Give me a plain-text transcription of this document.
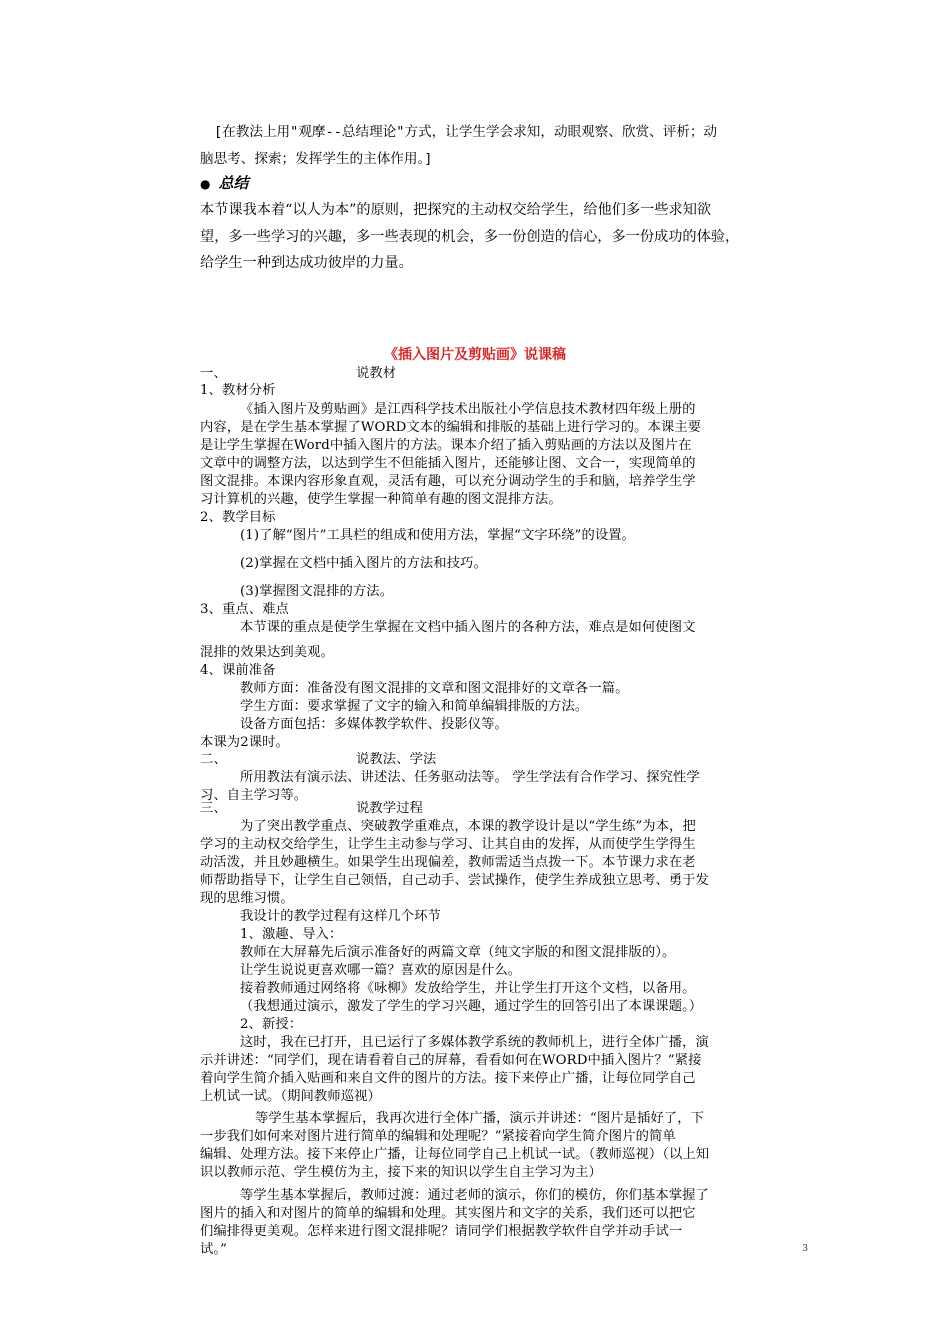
[在教法上用"观摩--总结理论"方式，让学生学会求知，动眼观察、欣赏、评析；动
脑思考、探索；发挥学生的主体作用。]
● 总结
本节课我本着“以人为本”的原则，把探究的主动权交给学生，给他们多一些求知欲
望，多一些学习的兴趣，多一些表现的机会，多一份创造的信心，多一份成功的体验，
给学生一种到达成功彼岸的力量。
《插入图片及剪贴画》说课稿
一、	说教材
1、教材分析
《插入图片及剪贴画》是江西科学技术出版社小学信息技术教材四年级上册的
内容，是在学生基本掌握了WORD文本的编辑和排版的基础上进行学习的。本课主要
是让学生掌握在Word中插入图片的方法。课本介绍了插入剪贴画的方法以及图片在
文章中的调整方法，以达到学生不但能插入图片，还能够让图、文合一，实现简单的
图文混排。本课内容形象直观，灵活有趣，可以充分调动学生的手和脑，培养学生学
习计算机的兴趣，使学生掌握一种简单有趣的图文混排方法。
2、教学目标
(1)了解“图片”工具栏的组成和使用方法，掌握“文字环绕”的设置。
(2)掌握在文档中插入图片的方法和技巧。
(3)掌握图文混排的方法。
3、重点、难点
本节课的重点是使学生掌握在文档中插入图片的各种方法，难点是如何使图文
混排的效果达到美观。
4、课前准备
教师方面：准备没有图文混排的文章和图文混排好的文章各一篇。
学生方面：要求掌握了文字的输入和简单编辑排版的方法。
设备方面包括：多媒体教学软件、投影仪等。
本课为2课时。
二、	说教法、学法
所用教法有演示法、讲述法、任务驱动法等。 学生学法有合作学习、探究性学
习、自主学习等。
三、	说教学过程
为了突出教学重点、突破教学重难点，本课的教学设计是以“学生练”为本，把
学习的主动权交给学生，让学生主动参与学习、让其自由的发挥，从而使学生学得生
动活泼，并且妙趣横生。如果学生出现偏差，教师需适当点拨一下。本节课力求在老
师帮助指导下，让学生自己领悟，自己动手、尝试操作，使学生养成独立思考、勇于发
现的思维习惯。
我设计的教学过程有这样几个环节
1、激趣、导入：
教师在大屏幕先后演示准备好的两篇文章（纯文字版的和图文混排版的）。
让学生说说更喜欢哪一篇？喜欢的原因是什么。
接着教师通过网络将《咏柳》发放给学生，并让学生打开这个文档，以备用。
（我想通过演示，激发了学生的学习兴趣，通过学生的回答引出了本课课题。）
2、新授：
这时，我在已打开，且已运行了多媒体教学系统的教师机上，进行全体广播，演
示并讲述：“同学们，现在请看着自己的屏幕，看看如何在WORD中插入图片？”紧接
着向学生简介插入贴画和来自文件的图片的方法。接下来停止广播，让每位同学自己
上机试一试。（期间教师巡视）
等学生基本掌握后，我再次进行全体广播，演示并讲述：“图片是插好了，下
一步我们如何来对图片进行简单的编辑和处理呢？”紧接着向学生简介图片的简单
编辑、处理方法。接下来停止广播，让每位同学自己上机试一试。（教师巡视）（以上知
识以教师示范、学生模仿为主，接下来的知识以学生自主学习为主）
等学生基本掌握后，教师过渡：通过老师的演示，你们的模仿，你们基本掌握了
图片的插入和对图片的简单的编辑和处理。其实图片和文字的关系，我们还可以把它
们编排得更美观。怎样来进行图文混排呢？请同学们根据教学软件自学并动手试一
试。”	3
